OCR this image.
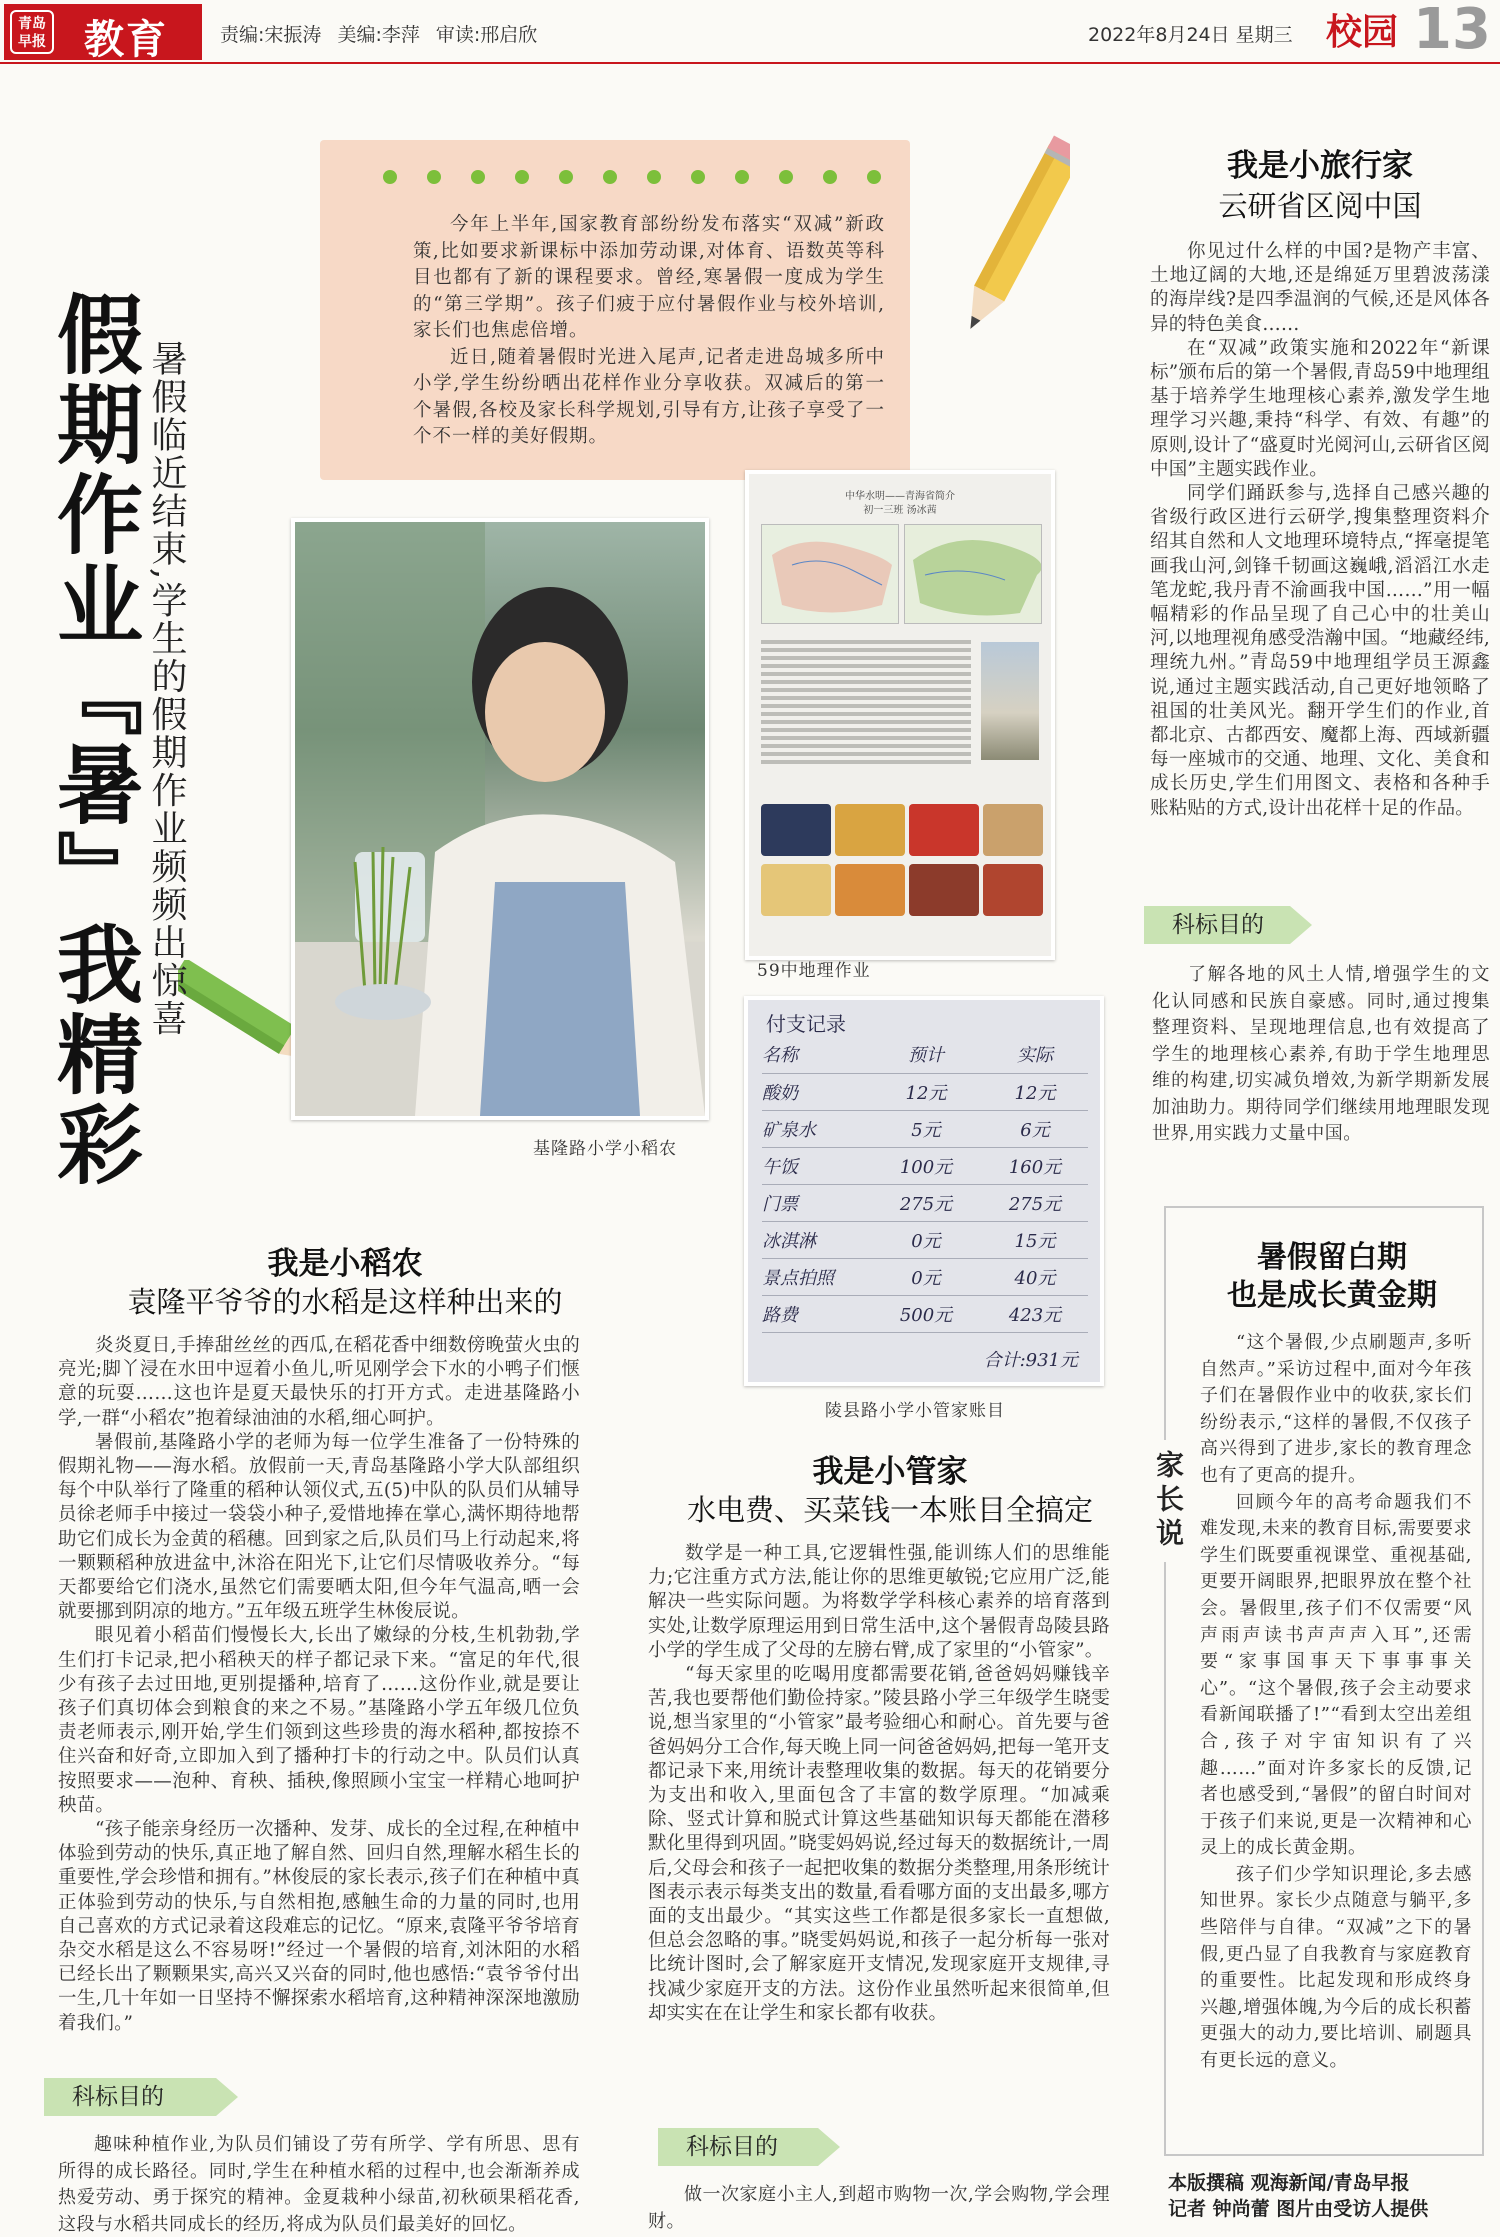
青岛
早报 教育	责编:宋振涛 美编:李萍 审读:邢启欣	2022年8月24日 星期三 校园 13
假期作业『暑』我精彩 暑假临近结束,学生的假期作业频频出惊喜

今年上半年,国家教育部纷纷发布落实“双减”新政策,比如要求新课标中添加劳动课,对体育、语数英等科目也都有了新的课程要求。曾经,寒暑假一度成为学生的“第三学期”。孩子们疲于应付暑假作业与校外培训,家长们也焦虑倍增。

近日,随着暑假时光进入尾声,记者走进岛城多所中小学,学生纷纷晒出花样作业分享收获。双减后的第一个暑假,各校及家长科学规划,引导有方,让孩子享受了一个不一样的美好假期。

基隆路小学小稻农
中华水明——青海省简介
初一三班 汤冰茜
59中地理作业
付支记录
名称	预计	实际
酸奶	12元	12元
矿泉水	5元	6元
午饭	100元	160元
门票	275元	275元
冰淇淋	0元	15元
景点拍照	0元	40元
路费	500元	423元
合计:931元
陵县路小学小管家账目
我是小稻农
袁隆平爷爷的水稻是这样种出来的

炎炎夏日,手捧甜丝丝的西瓜,在稻花香中细数傍晚萤火虫的亮光;脚丫浸在水田中逗着小鱼儿,听见刚学会下水的小鸭子们惬意的玩耍……这也许是夏天最快乐的打开方式。走进基隆路小学,一群“小稻农”抱着绿油油的水稻,细心呵护。

暑假前,基隆路小学的老师为每一位学生准备了一份特殊的假期礼物——海水稻。放假前一天,青岛基隆路小学大队部组织每个中队举行了隆重的稻种认领仪式,五(5)中队的队员们从辅导员徐老师手中接过一袋袋小种子,爱惜地捧在掌心,满怀期待地帮助它们成长为金黄的稻穗。回到家之后,队员们马上行动起来,将一颗颗稻种放进盆中,沐浴在阳光下,让它们尽情吸收养分。“每天都要给它们浇水,虽然它们需要晒太阳,但今年气温高,晒一会就要挪到阴凉的地方。”五年级五班学生林俊辰说。

眼见着小稻苗们慢慢长大,长出了嫩绿的分枝,生机勃勃,学生们打卡记录,把小稻秧天的样子都记录下来。“富足的年代,很少有孩子去过田地,更别提播种,培育了……这份作业,就是要让孩子们真切体会到粮食的来之不易。”基隆路小学五年级几位负责老师表示,刚开始,学生们领到这些珍贵的海水稻种,都按捺不住兴奋和好奇,立即加入到了播种打卡的行动之中。队员们认真按照要求——泡种、育秧、插秧,像照顾小宝宝一样精心地呵护秧苗。

“孩子能亲身经历一次播种、发芽、成长的全过程,在种植中体验到劳动的快乐,真正地了解自然、回归自然,理解水稻生长的重要性,学会珍惜和拥有。”林俊辰的家长表示,孩子们在种植中真正体验到劳动的快乐,与自然相抱,感触生命的力量的同时,也用自己喜欢的方式记录着这段难忘的记忆。“原来,袁隆平爷爷培育杂交水稻是这么不容易呀!”经过一个暑假的培育,刘沐阳的水稻已经长出了颗颗果实,高兴又兴奋的同时,他也感悟:“袁爷爷付出一生,几十年如一日坚持不懈探索水稻培育,这种精神深深地激励着我们。”

科标目的

趣味种植作业,为队员们铺设了劳有所学、学有所思、思有所得的成长路径。同时,学生在种植水稻的过程中,也会渐渐养成热爱劳动、勇于探究的精神。金夏栽种小绿苗,初秋硕果稻花香,这段与水稻共同成长的经历,将成为队员们最美好的回忆。

我是小管家
水电费、买菜钱一本账目全搞定

数学是一种工具,它逻辑性强,能训练人们的思维能力;它注重方式方法,能让你的思维更敏锐;它应用广泛,能解决一些实际问题。为将数学学科核心素养的培育落到实处,让数学原理运用到日常生活中,这个暑假青岛陵县路小学的学生成了父母的左膀右臂,成了家里的“小管家”。

“每天家里的吃喝用度都需要花销,爸爸妈妈赚钱辛苦,我也要帮他们勤俭持家。”陵县路小学三年级学生晓雯说,想当家里的“小管家”最考验细心和耐心。首先要与爸爸妈妈分工合作,每天晚上同一问爸爸妈妈,把每一笔开支都记录下来,用统计表整理收集的数据。每天的花销要分为支出和收入,里面包含了丰富的数学原理。“加减乘除、竖式计算和脱式计算这些基础知识每天都能在潜移默化里得到巩固。”晓雯妈妈说,经过每天的数据统计,一周后,父母会和孩子一起把收集的数据分类整理,用条形统计图表示表示每类支出的数量,看看哪方面的支出最多,哪方面的支出最少。“其实这些工作都是很多家长一直想做,但总会忽略的事。”晓雯妈妈说,和孩子一起分析每一张对比统计图时,会了解家庭开支情况,发现家庭开支规律,寻找减少家庭开支的方法。这份作业虽然听起来很简单,但却实实在在让学生和家长都有收获。

科标目的

做一次家庭小主人,到超市购物一次,学会购物,学会理财。

我是小旅行家
云研省区阅中国

你见过什么样的中国?是物产丰富、土地辽阔的大地,还是绵延万里碧波荡漾的海岸线?是四季温润的气候,还是风体各异的特色美食……

在“双减”政策实施和2022年“新课标”颁布后的第一个暑假,青岛59中地理组基于培养学生地理核心素养,激发学生地理学习兴趣,秉持“科学、有效、有趣”的原则,设计了“盛夏时光阅河山,云研省区阅中国”主题实践作业。

同学们踊跃参与,选择自己感兴趣的省级行政区进行云研学,搜集整理资料介绍其自然和人文地理环境特点,“挥毫提笔画我山河,剑锋千韧画这巍峨,滔滔江水走笔龙蛇,我丹青不渝画我中国……”用一幅幅精彩的作品呈现了自己心中的壮美山河,以地理视角感受浩瀚中国。“地藏经纬,理统九州。”青岛59中地理组学员王源鑫说,通过主题实践活动,自己更好地领略了祖国的壮美风光。翻开学生们的作业,首都北京、古都西安、魔都上海、西域新疆每一座城市的交通、地理、文化、美食和成长历史,学生们用图文、表格和各种手账粘贴的方式,设计出花样十足的作品。

科标目的

了解各地的风土人情,增强学生的文化认同感和民族自豪感。同时,通过搜集整理资料、呈现地理信息,也有效提高了学生的地理核心素养,有助于学生地理思维的构建,切实减负增效,为新学期新发展加油助力。期待同学们继续用地理眼发现世界,用实践力丈量中国。

家长说
暑假留白期
也是成长黄金期

“这个暑假,少点刷题声,多听自然声。”采访过程中,面对今年孩子们在暑假作业中的收获,家长们纷纷表示,“这样的暑假,不仅孩子高兴得到了进步,家长的教育理念也有了更高的提升。

回顾今年的高考命题我们不难发现,未来的教育目标,需要要求学生们既要重视课堂、重视基础,更要开阔眼界,把眼界放在整个社会。暑假里,孩子们不仅需要“风声雨声读书声声声入耳”,还需要“家事国事天下事事事关心”。“这个暑假,孩子会主动要求看新闻联播了!”“看到太空出差组合,孩子对宇宙知识有了兴趣……”面对许多家长的反馈,记者也感受到,“暑假”的留白时间对于孩子们来说,更是一次精神和心灵上的成长黄金期。

孩子们少学知识理论,多去感知世界。家长少点随意与躺平,多些陪伴与自律。“双减”之下的暑假,更凸显了自我教育与家庭教育的重要性。比起发现和形成终身兴趣,增强体魄,为今后的成长积蓄更强大的动力,要比培训、刷题具有更长远的意义。

本版撰稿 观海新闻/青岛早报
记者 钟尚蕾 图片由受访人提供
